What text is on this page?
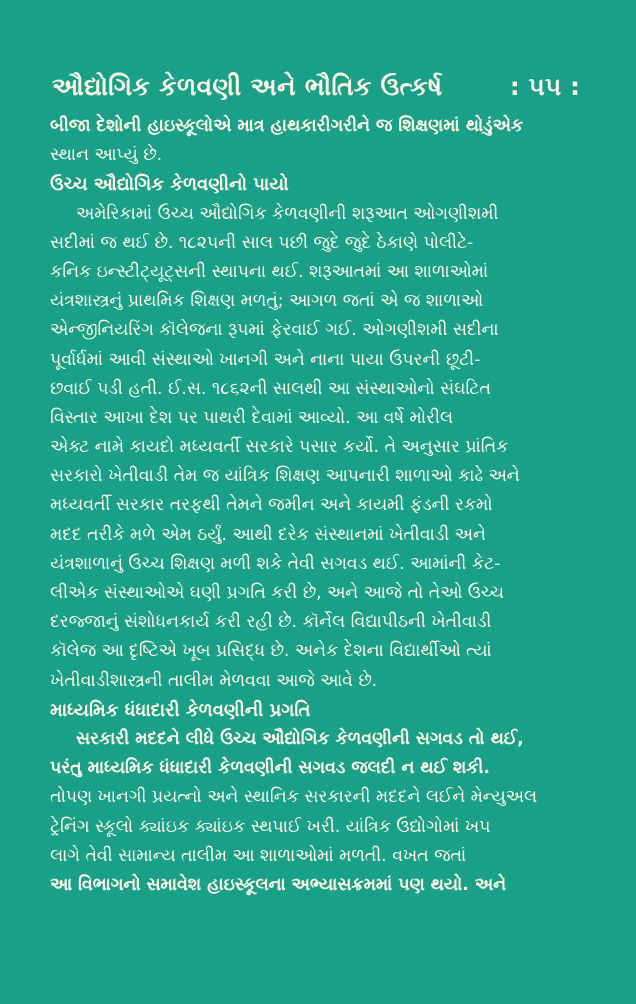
ઔદ્યોગિક કેળવણી અને ભૌતિક ઉત્કર્ષ	: ૫૫ :
બીજા દેશોની હાઇસ્કૂલોએ માત્ર હાથકારીગરીને જ શિક્ષણમાં થોડુંએક
સ્થાન આપ્યું છે.
ઉચ્ચ ઔદ્યોગિક કેળવણીનો પાયો
અમેરિકામાં ઉચ્ચ ઔદ્યોગિક કેળવણીની શરૂઆત ઓગણીશમી
સદીમાં જ થઈ છે. ૧૮૨૫ની સાલ પછી જુદે જુદે ઠેકાણે પોલીટે-
કનિક ઇન્સ્ટીટ્યૂટ્સની સ્થાપના થઈ. શરૂઆતમાં આ શાળાઓમાં
યંત્રશાસ્ત્રનું પ્રાથમિક શિક્ષણ મળતું; આગળ જતાં એ જ શાળાઓ
એન્જીનિયરિંગ કૉલેજના રૂપમાં ફેરવાઈ ગઈ. ઓગણીશમી સદીના
પૂર્વાર્ધમાં આવી સંસ્થાઓ ખાનગી અને નાના પાયા ઉપરની છૂટી-
છવાઈ પડી હતી. ઈ.સ. ૧૮૬૨ની સાલથી આ સંસ્થાઓનો સંઘટિત
વિસ્તાર આખા દેશ પર પાથરી દેવામાં આવ્યો. આ વર્ષે મોરીલ
એક્ટ નામે કાયદો મધ્યવર્તી સરકારે પસાર કર્યો. તે અનુસાર પ્રાંતિક
સરકારો ખેતીવાડી તેમ જ યાંત્રિક શિક્ષણ આપનારી શાળાઓ કાઢે અને
મધ્યવર્તી સરકાર તરફથી તેમને જમીન અને કાયમી ફંડની રકમો
મદદ તરીકે મળે એમ ઠર્યું. આથી દરેક સંસ્થાનમાં ખેતીવાડી અને
યંત્રશાળાનું ઉચ્ચ શિક્ષણ મળી શકે તેવી સગવડ થઈ. આમાંની કેટ-
લીએક સંસ્થાઓએ ઘણી પ્રગતિ કરી છે, અને આજે તો તેઓ ઉચ્ચ
દરજ્જાનું સંશોધનકાર્ય કરી રહી છે. કૉર્નેલ વિદ્યાપીઠની ખેતીવાડી
કૉલેજ આ દૃષ્ટિએ ખૂબ પ્રસિદ્ધ છે. અનેક દેશના વિદ્યાર્થીઓ ત્યાં
ખેતીવાડીશાસ્ત્રની તાલીમ મેળવવા આજે આવે છે.
માધ્યમિક ધંધાદારી કેળવણીની પ્રગતિ
સરકારી મદદને લીધે ઉચ્ચ ઔદ્યોગિક કેળવણીની સગવડ તો થઈ,
પરંતુ માધ્યમિક ધંધાદારી કેળવણીની સગવડ જલદી ન થઈ શકી.
તોપણ ખાનગી પ્રયત્નો અને સ્થાનિક સરકારની મદદને લઈને મેન્યુઅલ
ટ્રેનિંગ સ્કૂલો ક્યાંઇક ક્યાંઇક સ્થપાઈ ખરી. યાંત્રિક ઉદ્યોગોમાં ખપ
લાગે તેવી સામાન્ય તાલીમ આ શાળાઓમાં મળતી. વખત જતાં
આ વિભાગનો સમાવેશ હાઇસ્કૂલના અભ્યાસક્રમમાં પણ થયો. અને
